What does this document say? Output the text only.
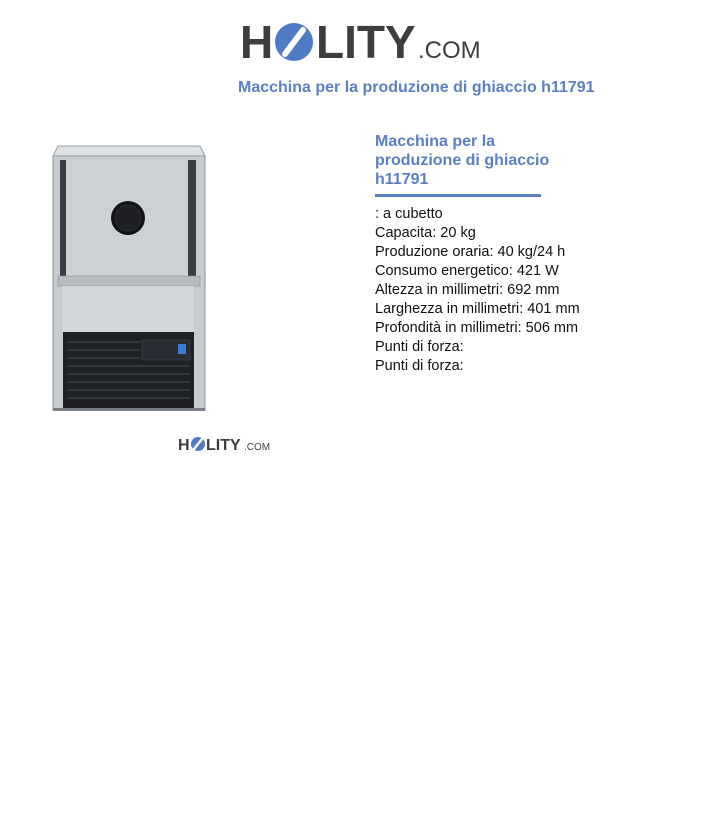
H LITY .COM
Macchina per la produzione di ghiaccio h11791
H LITY .COM
Macchina per la produzione di ghiaccio h11791
: a cubetto
Capacita: 20 kg
Produzione oraria: 40 kg/24 h
Consumo energetico: 421 W
Altezza in millimetri: 692 mm
Larghezza in millimetri: 401 mm
Profondità in millimetri: 506 mm
Punti di forza:
Punti di forza:
